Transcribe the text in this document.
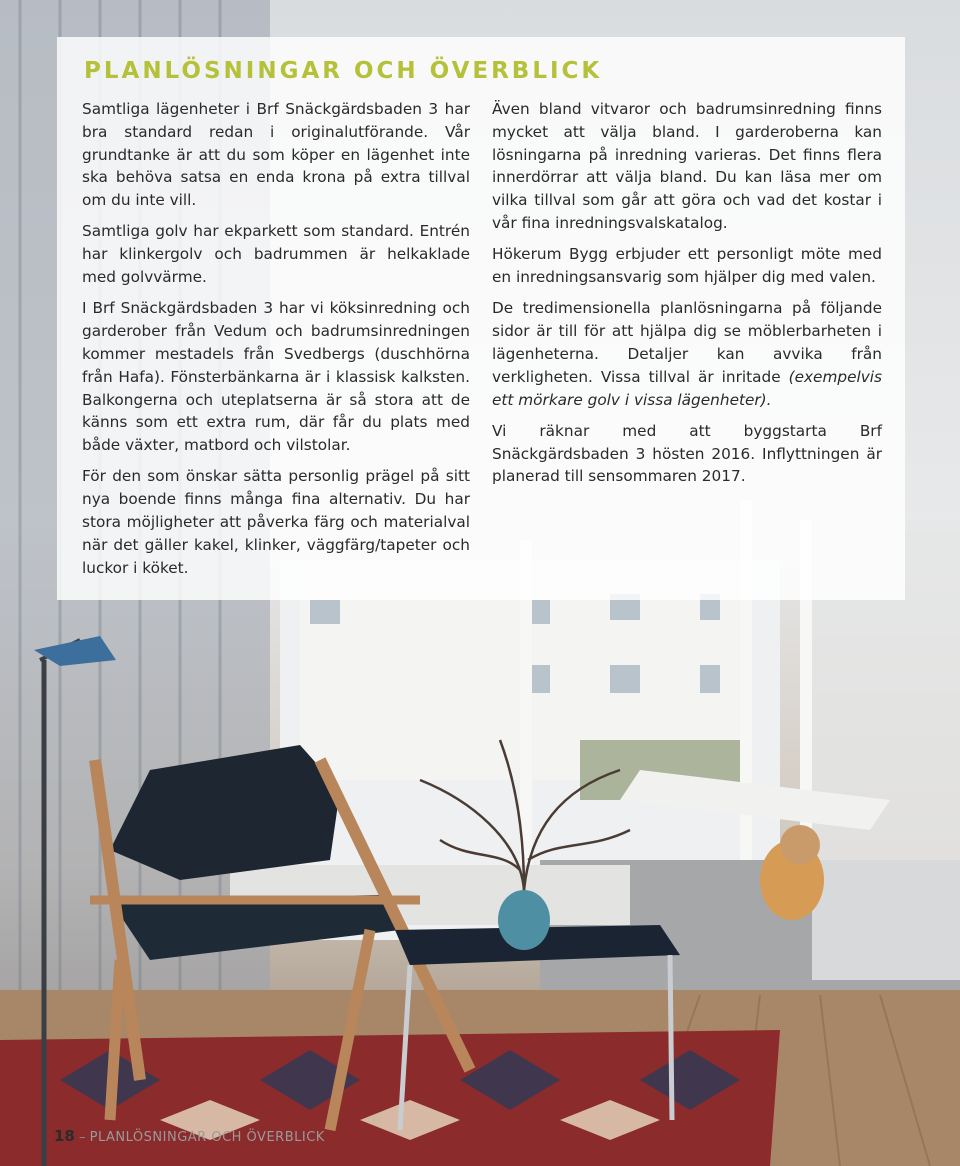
PLANLÖSNINGAR OCH ÖVERBLICK

Samtliga lägenheter i Brf Snäckgärdsbaden 3 har bra standard redan i originalutförande. Vår grundtanke är att du som köper en lägenhet inte ska behöva satsa en enda krona på extra tillval om du inte vill.

Samtliga golv har ekparkett som standard. Entrén har klinkergolv och badrummen är helkaklade med golvvärme.

I Brf Snäckgärdsbaden 3 har vi köksinredning och garderober från Vedum och badrumsinredningen kommer mestadels från Svedbergs (duschhörna från Hafa). Fönsterbänkarna är i klassisk kalksten. Balkongerna och uteplatserna är så stora att de känns som ett extra rum, där får du plats med både växter, matbord och vilstolar.

För den som önskar sätta personlig prägel på sitt nya boende finns många fina alternativ. Du har stora möjligheter att påverka färg och materialval när det gäller kakel, klinker, väggfärg/tapeter och luckor i köket.

Även bland vitvaror och badrumsinredning finns mycket att välja bland. I garderoberna kan lösningarna på inredning varieras. Det finns flera innerdörrar att välja bland. Du kan läsa mer om vilka tillval som går att göra och vad det kostar i vår fina inredningsvalskatalog.

Hökerum Bygg erbjuder ett personligt möte med en inredningsansvarig som hjälper dig med valen.

De tredimensionella planlösningarna på följande sidor är till för att hjälpa dig se möblerbarheten i lägenheterna. Detaljer kan avvika från verkligheten. Vissa tillval är inritade (exempelvis ett mörkare golv i vissa lägenheter).

Vi räknar med att byggstarta Brf Snäckgärdsbaden 3 hösten 2016. Inflyttningen är planerad till sensommaren 2017.

18 – PLANLÖSNINGAR OCH ÖVERBLICK
